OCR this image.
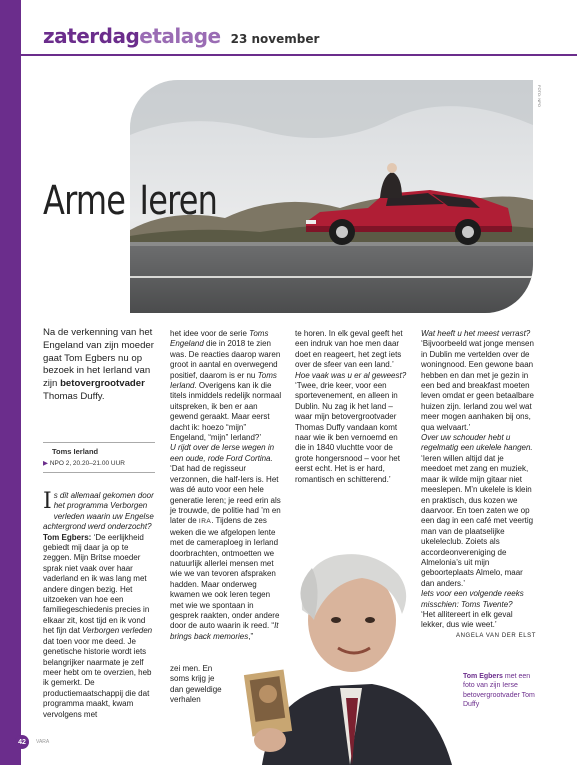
zaterdag etalage 23 november
FOTO: NPO
Arme Ieren
Na de verkenning van het Engeland van zijn moeder gaat Tom Egbers nu op bezoek in het Ierland van zijn betovergrootvader Thomas Duffy.
Toms Ierland
▶ NPO 2, 20.20–21.00 UUR
Is dit allemaal gekomen door
het programma Verborgen
verleden waarin uw Engelse achtergrond werd onderzocht?
Tom Egbers: ‘De eerlijkheid gebiedt mij daar ja op te zeggen. Mijn Britse moeder sprak niet vaak over haar vaderland en ik was lang met andere dingen bezig. Het uitzoeken van hoe een familiegeschiedenis precies in elkaar zit, kost tijd en ik vond het fijn dat Verborgen verleden dat toen voor me deed. Je genetische historie wordt iets belangrijker naarmate je zelf meer hebt om te overzien, heb ik gemerkt. De productiemaatschappij die dat programma maakt, kwam vervolgens met

het idee voor de serie Toms Engeland die in 2018 te zien was. De reacties daarop waren groot in aantal en overwegend positief, daarom is er nu Toms Ierland. Overigens kan ik die titels inmiddels redelijk normaal uitspreken, ik ben er aan gewend geraakt. Maar eerst dacht ik: hoezo “mijn” Engeland, “mijn” Ierland?’

U rijdt over de Ierse wegen in een oude, rode Ford Cortina.

‘Dat had de regisseur verzonnen, die half-Iers is. Het was dé auto voor een hele generatie Ieren; je reed erin als je trouwde, de politie had ’m en later de IRA. Tijdens de zes weken die we afgelopen lente met de cameraploeg in Ierland doorbrachten, ontmoetten we natuurlijk allerlei mensen met wie we van tevoren afspraken hadden. Maar onderweg kwamen we ook Ieren tegen met wie we spontaan in gesprek raakten, onder andere door de auto waarin ik reed. “It brings back memories,”

zei men. En soms krijg je dan geweldige verhalen

te horen. In elk geval geeft het een indruk van hoe men daar doet en reageert, het zegt iets over de sfeer van een land.’

Hoe vaak was u er al geweest?

‘Twee, drie keer, voor een sportevenement, en alleen in Dublin. Nu zag ik het land – waar mijn betovergrootvader Thomas Duffy vandaan komt naar wie ik ben vernoemd en die in 1840 vluchtte voor de grote hongersnood – voor het eerst echt. Het is er hard, romantisch en schitterend.’

Wat heeft u het meest verrast?

‘Bijvoorbeeld wat jonge mensen in Dublin me vertelden over de woningnood. Een gewone baan hebben en dan met je gezin in een bed and breakfast moeten leven omdat er geen betaalbare huizen zijn. Ierland zou wel wat meer mogen aanhaken bij ons, qua welvaart.’

Over uw schouder hebt u regelmatig een ukelele hangen.

‘Ieren willen altijd dat je meedoet met zang en muziek, maar ik wilde mijn gitaar niet meeslepen. M’n ukelele is klein en praktisch, dus kozen we daarvoor. En toen zaten we op een dag in een café met veertig man van de plaatselijke ukeleleclub. Zoiets als accordeonvereniging de Almelonia’s uit mijn geboorteplaats Almelo, maar dan anders.’

Iets voor een volgende reeks misschien: Toms Twente?

‘Het allitereert in elk geval lekker, dus wie weet.’

ANGELA VAN DER ELST

Tom Egbers met een foto van zijn Ierse betovergrootvader Tom Duffy
42	VARA
